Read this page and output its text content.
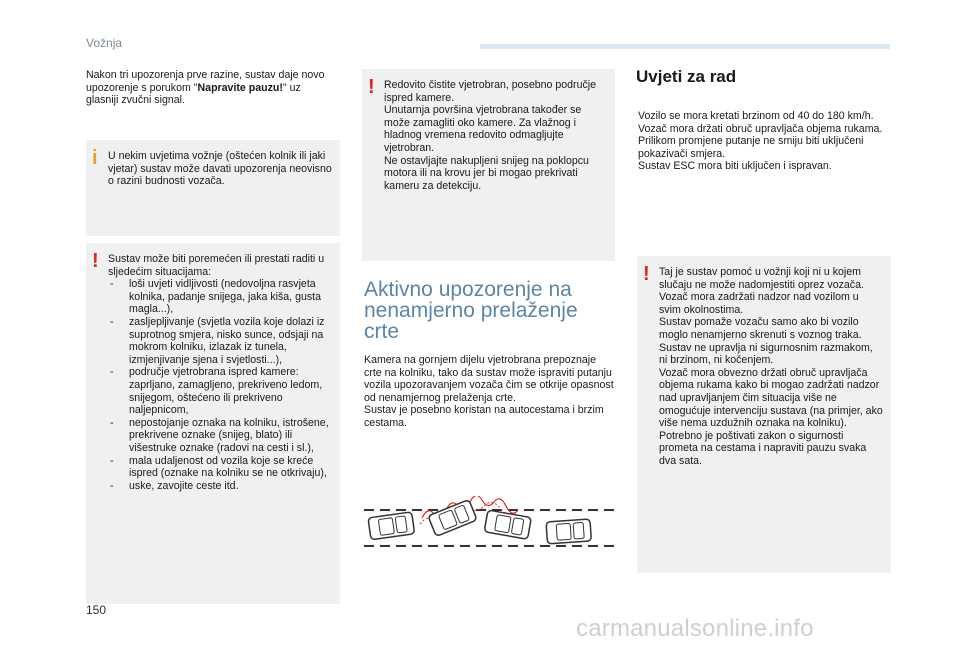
Vožnja

Nakon tri upozorenja prve razine, sustav daje novo upozorenje s porukom "Napravite pauzu!" uz glasniji zvučni signal.

i U nekim uvjetima vožnje (oštećen kolnik ili jaki vjetar) sustav može davati upozorenja neovisno o razini budnosti vozača.

! Sustav može biti poremećen ili prestati raditi u sljedećim situacijama:

- loši uvjeti vidljivosti (nedovoljna rasvjeta kolnika, padanje snijega, jaka kiša, gusta magla...),
- zasljepljivanje (svjetla vozila koje dolazi iz suprotnog smjera, nisko sunce, odsjaji na mokrom kolniku, izlazak iz tunela, izmjenjivanje sjena i svjetlosti...),
- područje vjetrobrana ispred kamere: zaprljano, zamagljeno, prekriveno ledom, snijegom, oštećeno ili prekriveno naljepnicom,
- nepostojanje oznaka na kolniku, istrošene, prekrivene oznake (snijeg, blato) ili višestruke oznake (radovi na cesti i sl.),
- mala udaljenost od vozila koje se kreće ispred (oznake na kolniku se ne otkrivaju),
- uske, zavojite ceste itd.
! Redovito čistite vjetrobran, posebno područje ispred kamere.

Unutarnja površina vjetrobrana također se može zamagliti oko kamere. Za vlažnog i hladnog vremena redovito odmagljujte vjetrobran.

Ne ostavljajte nakupljeni snijeg na poklopcu motora ili na krovu jer bi mogao prekrivati kameru za detekciju.

Aktivno upozorenje na nenamjerno prelaženje crte

Kamera na gornjem dijelu vjetrobrana prepoznaje crte na kolniku, tako da sustav može ispraviti putanju vozila upozoravanjem vozača čim se otkrije opasnost od nenamjernog prelaženja crte.

Sustav je posebno koristan na autocestama i brzim cestama.

Uvjeti za rad

Vozilo se mora kretati brzinom od 40 do 180 km/h.

Vozač mora držati obruč upravljača objema rukama.

Prilikom promjene putanje ne smiju biti uključeni pokazivači smjera.

Sustav ESC mora biti uključen i ispravan.

! Taj je sustav pomoć u vožnji koji ni u kojem slučaju ne može nadomjestiti oprez vozača. Vozač mora zadržati nadzor nad vozilom u svim okolnostima.

Sustav pomaže vozaču samo ako bi vozilo moglo nenamjerno skrenuti s voznog traka. Sustav ne upravlja ni sigurnosnim razmakom, ni brzinom, ni kočenjem.

Vozač mora obvezno držati obruč upravljača objema rukama kako bi mogao zadržati nadzor nad upravljanjem čim situacija više ne omogućuje intervenciju sustava (na primjer, ako više nema uzdužnih oznaka na kolniku).

Potrebno je poštivati zakon o sigurnosti prometa na cestama i napraviti pauzu svaka dva sata.

150
carmanualsonline.info
